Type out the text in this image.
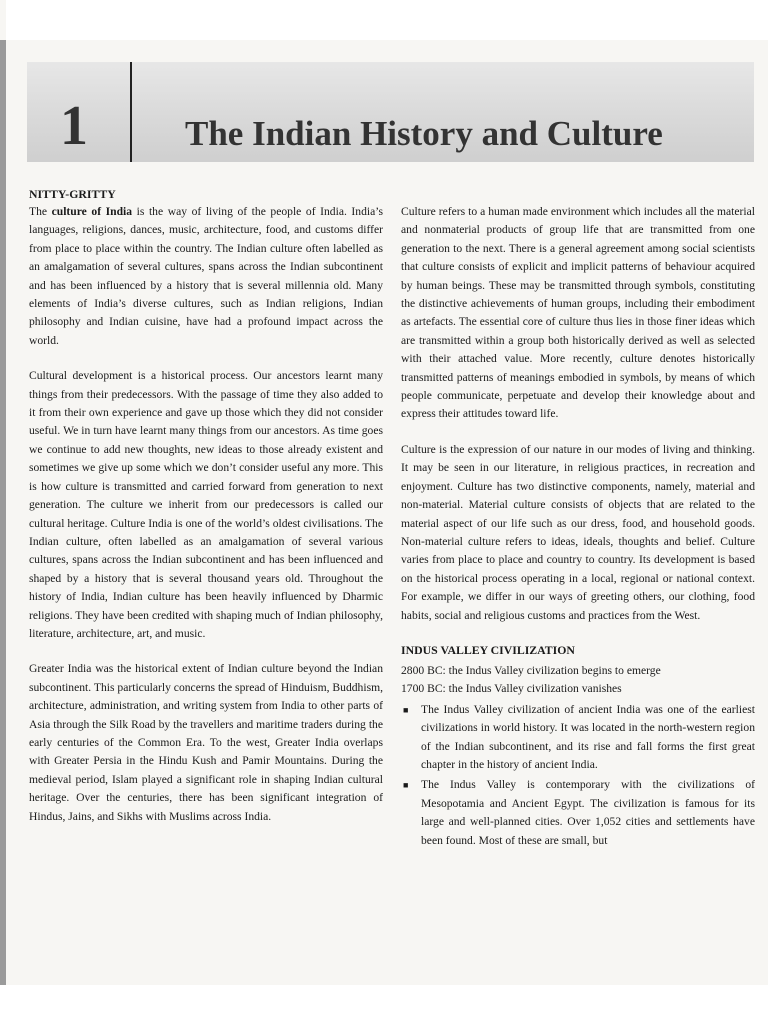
1	The Indian History and Culture
NITTY-GRITTY

The culture of India is the way of living of the people of India. India’s languages, religions, dances, music, architecture, food, and customs differ from place to place within the country. The Indian culture often labelled as an amalgamation of several cultures, spans across the Indian subcontinent and has been influenced by a history that is several millennia old. Many elements of India’s diverse cultures, such as Indian religions, Indian philosophy and Indian cuisine, have had a profound impact across the world.

Cultural development is a historical process. Our ancestors learnt many things from their predecessors. With the passage of time they also added to it from their own experience and gave up those which they did not consider useful. We in turn have learnt many things from our ancestors. As time goes we continue to add new thoughts, new ideas to those already existent and sometimes we give up some which we don’t consider useful any more. This is how culture is transmitted and carried forward from generation to next generation. The culture we inherit from our predecessors is called our cultural heritage. Culture India is one of the world’s oldest civilisations. The Indian culture, often labelled as an amalgamation of several various cultures, spans across the Indian subcontinent and has been influenced and shaped by a history that is several thousand years old. Throughout the history of India, Indian culture has been heavily influenced by Dharmic religions. They have been credited with shaping much of Indian philosophy, literature, architecture, art, and music.

Greater India was the historical extent of Indian culture beyond the Indian subcontinent. This particularly concerns the spread of Hinduism, Buddhism, architecture, administration, and writing system from India to other parts of Asia through the Silk Road by the travellers and maritime traders during the early centuries of the Common Era. To the west, Greater India overlaps with Greater Persia in the Hindu Kush and Pamir Mountains. During the medieval period, Islam played a significant role in shaping Indian cultural heritage. Over the centuries, there has been significant integration of Hindus, Jains, and Sikhs with Muslims across India.

Culture refers to a human made environment which includes all the material and nonmaterial products of group life that are transmitted from one generation to the next. There is a general agreement among social scientists that culture consists of explicit and implicit patterns of behaviour acquired by human beings. These may be transmitted through symbols, constituting the distinctive achievements of human groups, including their embodiment as artefacts. The essential core of culture thus lies in those finer ideas which are transmitted within a group both historically derived as well as selected with their attached value. More recently, culture denotes historically transmitted patterns of meanings embodied in symbols, by means of which people communicate, perpetuate and develop their knowledge about and express their attitudes toward life.

Culture is the expression of our nature in our modes of living and thinking. It may be seen in our literature, in religious practices, in recreation and enjoyment. Culture has two distinctive components, namely, material and non-material. Material culture consists of objects that are related to the material aspect of our life such as our dress, food, and household goods. Non-material culture refers to ideas, ideals, thoughts and belief. Culture varies from place to place and country to country. Its development is based on the historical process operating in a local, regional or national context. For example, we differ in our ways of greeting others, our clothing, food habits, social and religious customs and practices from the West.

INDUS VALLEY CIVILIZATION

2800 BC: the Indus Valley civilization begins to emerge

1700 BC: the Indus Valley civilization vanishes

■ The Indus Valley civilization of ancient India was one of the earliest civilizations in world history. It was located in the north-western region of the Indian subcontinent, and its rise and fall forms the first great chapter in the history of ancient India.
■ The Indus Valley is contemporary with the civilizations of Mesopotamia and Ancient Egypt. The civilization is famous for its large and well-planned cities. Over 1,052 cities and settlements have been found. Most of these are small, but
